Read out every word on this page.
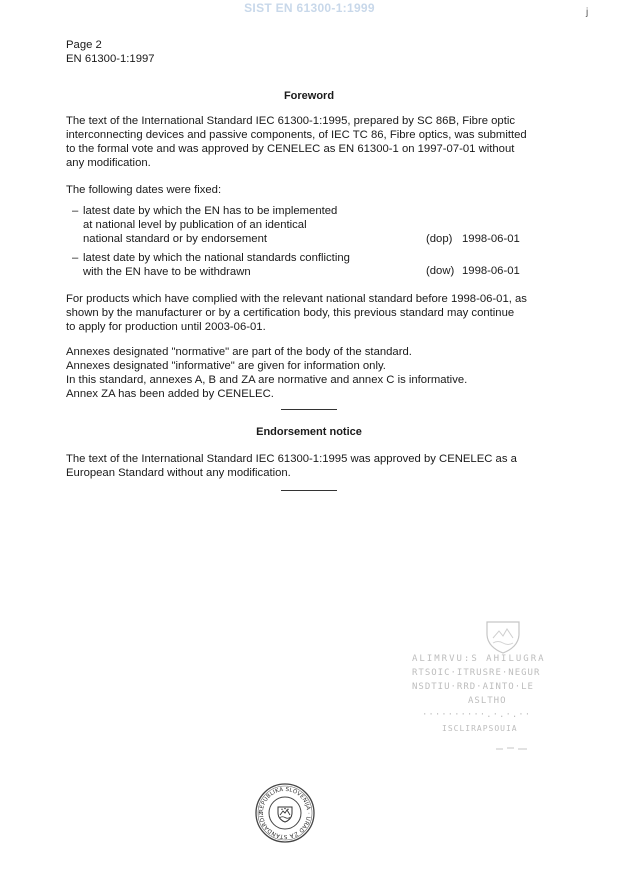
SIST EN 61300-1:1999	j
Page 2
EN 61300-1:1997
Foreword
The text of the International Standard IEC 61300-1:1995, prepared by SC 86B, Fibre optic
interconnecting devices and passive components, of IEC TC 86, Fibre optics, was submitted
to the formal vote and was approved by CENELEC as EN 61300-1 on 1997-07-01 without
any modification.
The following dates were fixed:
– latest date by which the EN has to be implemented
at national level by publication of an identical
national standard or by endorsement	(dop) 1998-06-01
– latest date by which the national standards conflicting
with the EN have to be withdrawn	(dow) 1998-06-01
For products which have complied with the relevant national standard before 1998-06-01, as
shown by the manufacturer or by a certification body, this previous standard may continue
to apply for production until 2003-06-01.
Annexes designated "normative" are part of the body of the standard.
Annexes designated "informative" are given for information only.
In this standard, annexes A, B and ZA are normative and annex C is informative.
Annex ZA has been added by CENELEC.
Endorsement notice
The text of the International Standard IEC 61300-1:1995 was approved by CENELEC as a
European Standard without any modification.
ALIMRVU:S AHILUGRA
RTSOIC·ITRUSRE·NEGUR
NSDTIU·RRD·AINTO·LE
ASLTHO
··········.·.·.··
ISCLIRAPSOUIA
REPUBLIKA SLOVENIJA · URAD ZA STANDARDIZ
